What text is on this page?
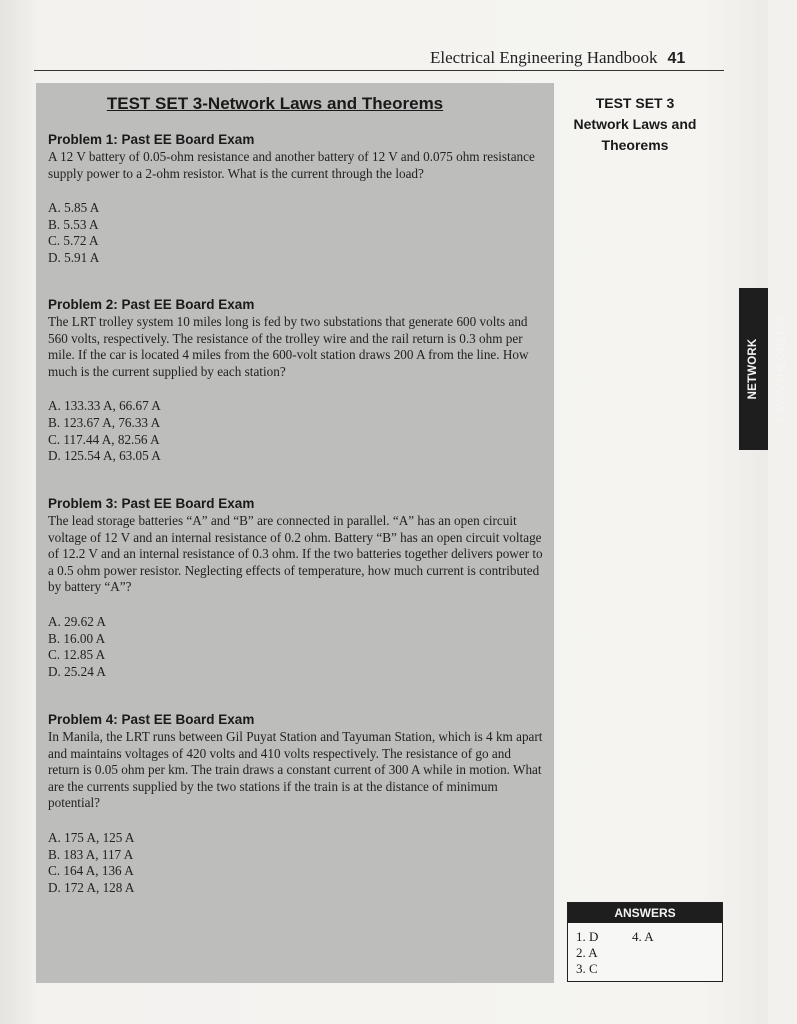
Electrical Engineering Handbook 41
TEST SET 3-Network Laws and Theorems
Problem 1: Past EE Board Exam
A 12 V battery of 0.05-ohm resistance and another battery of 12 V and 0.075 ohm resistance supply power to a 2-ohm resistor. What is the current through the load?
A. 5.85 A
B. 5.53 A
C. 5.72 A
D. 5.91 A
Problem 2: Past EE Board Exam
The LRT trolley system 10 miles long is fed by two substations that generate 600 volts and 560 volts, respectively. The resistance of the trolley wire and the rail return is 0.3 ohm per mile. If the car is located 4 miles from the 600-volt station draws 200 A from the line. How much is the current supplied by each station?
A. 133.33 A, 66.67 A
B. 123.67 A, 76.33 A
C. 117.44 A, 82.56 A
D. 125.54 A, 63.05 A
Problem 3: Past EE Board Exam
The lead storage batteries “A” and “B” are connected in parallel. “A” has an open circuit voltage of 12 V and an internal resistance of 0.2 ohm. Battery “B” has an open circuit voltage of 12.2 V and an internal resistance of 0.3 ohm. If the two batteries together delivers power to a 0.5 ohm power resistor. Neglecting effects of temperature, how much current is contributed by battery “A”?
A. 29.62 A
B. 16.00 A
C. 12.85 A
D. 25.24 A
Problem 4: Past EE Board Exam
In Manila, the LRT runs between Gil Puyat Station and Tayuman Station, which is 4 km apart and maintains voltages of 420 volts and 410 volts respectively. The resistance of go and return is 0.05 ohm per km. The train draws a constant current of 300 A while in motion. What are the currents supplied by the two stations if the train is at the distance of minimum potential?
A. 175 A, 125 A
B. 183 A, 117 A
C. 164 A, 136 A
D. 172 A, 128 A
TEST SET 3
Network Laws and
Theorems
NETWORK LAWS/THEOREMS
ANSWERS
1. D
2. A
3. C
4. A
